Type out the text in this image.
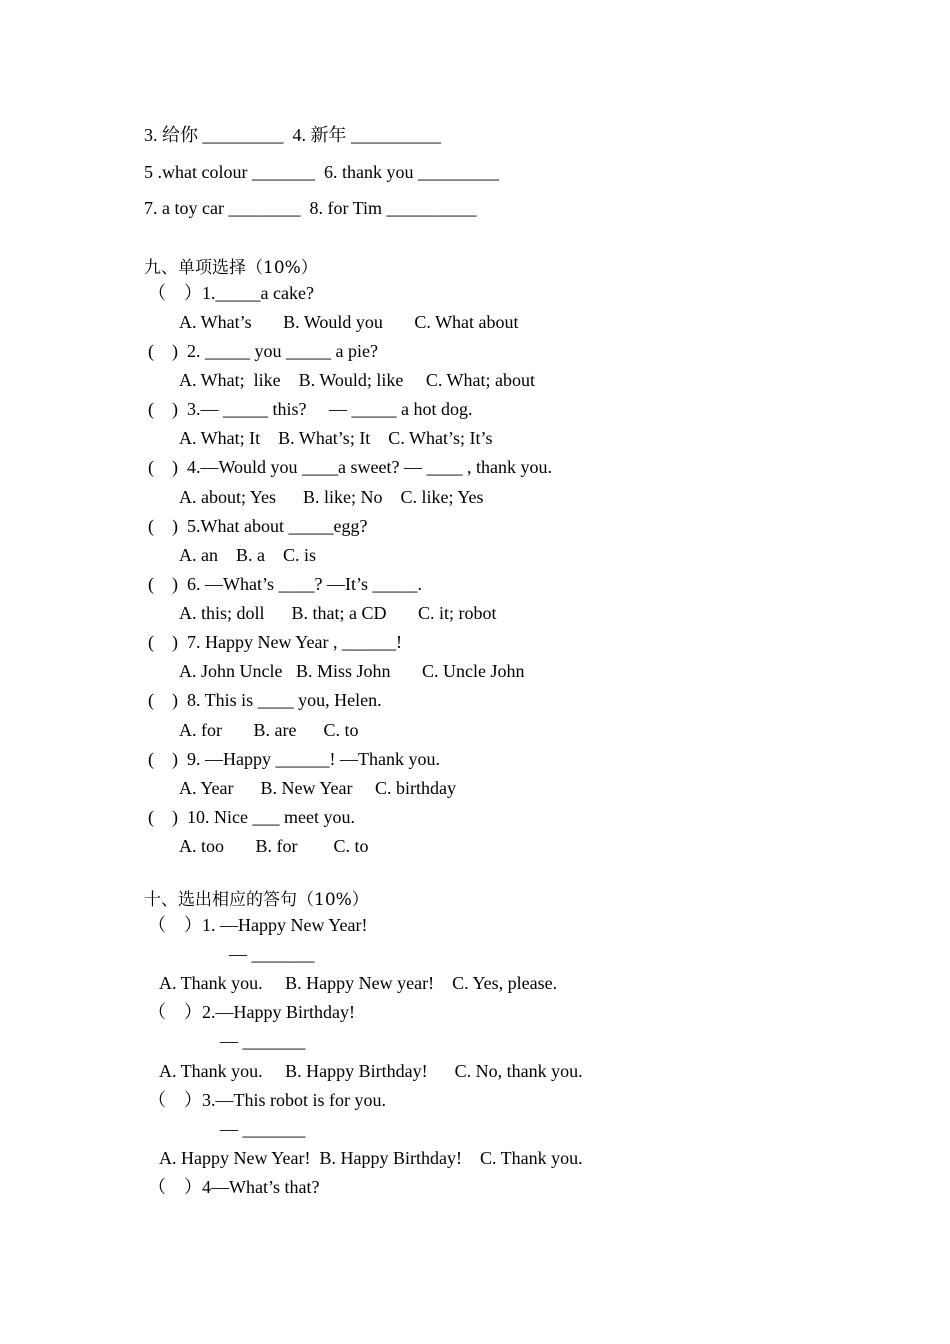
3. 给你 _________  4. 新年 __________
5 .what colour _______  6. thank you _________
7. a toy car ________  8. for Tim __________
九、单项选择（10%）
（    ）1._____a cake?
A. What’s       B. Would you       C. What about
(    )  2. _____ you _____ a pie?
A. What;  like    B. Would; like     C. What; about
(    )  3.— _____ this?     — _____ a hot dog.
A. What; It    B. What’s; It    C. What’s; It’s
(    )  4.—Would you ____a sweet? — ____ , thank you.
A. about; Yes      B. like; No    C. like; Yes
(    )  5.What about _____egg?
A. an    B. a    C. is
(    )  6. —What’s ____? —It’s _____.
A. this; doll      B. that; a CD       C. it; robot
(    )  7. Happy New Year , ______!
A. John Uncle   B. Miss John       C. Uncle John
(    )  8. This is ____ you, Helen.
A. for       B. are      C. to
(    )  9. —Happy ______! —Thank you.
A. Year      B. New Year     C. birthday
(    )  10. Nice ___ meet you.
A. too       B. for        C. to
十、选出相应的答句（10%）
（    ）1. —Happy New Year!
— _______
A. Thank you.     B. Happy New year!    C. Yes, please.
（    ）2.—Happy Birthday!
— _______
A. Thank you.     B. Happy Birthday!      C. No, thank you.
（    ）3.—This robot is for you.
— _______
A. Happy New Year!  B. Happy Birthday!    C. Thank you.
（    ）4—What’s that?
